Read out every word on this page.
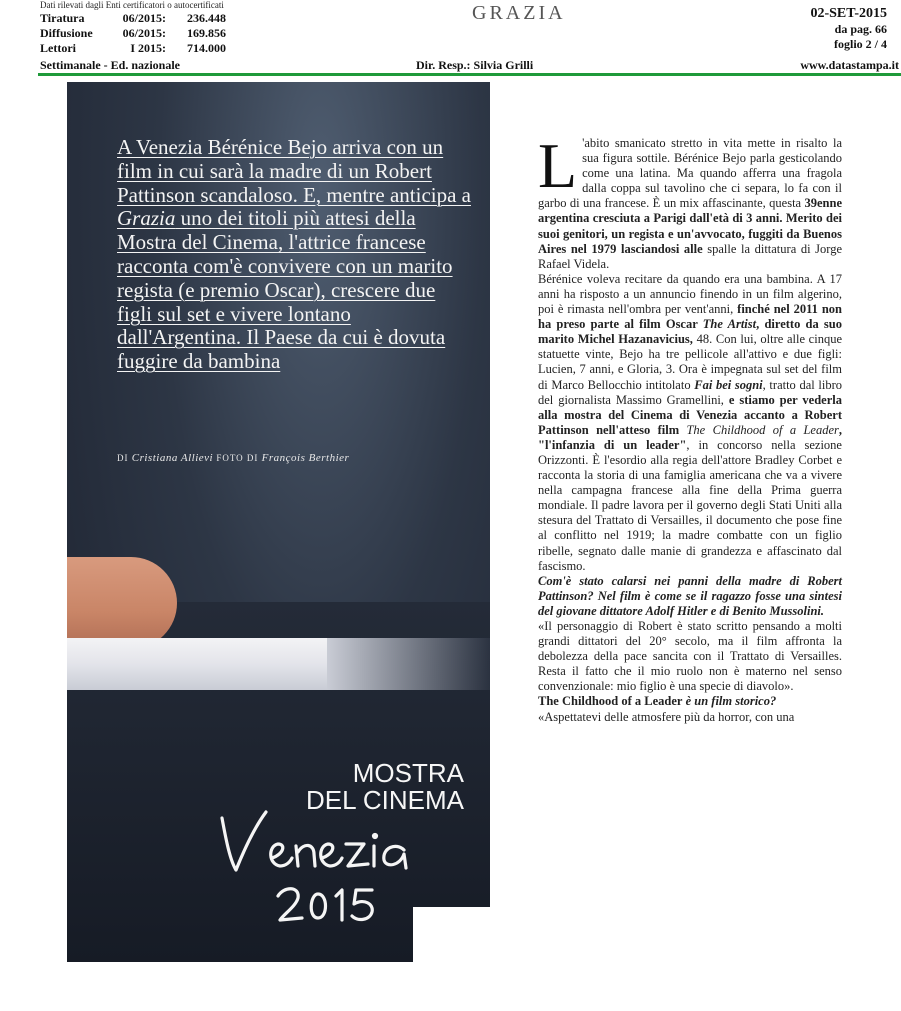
Dati rilevati dagli Enti certificatori o autocertificati
Tiratura	06/2015: 236.448
Diffusione 06/2015: 169.856
Lettori	I 2015: 714.000
Settimanale - Ed. nazionale
GRAZIA
Dir. Resp.: Silvia Grilli
02-SET-2015
da pag. 66
foglio 2 / 4
www.datastampa.it

A Venezia Bérénice Bejo arriva con un film in cui sarà la madre di un Robert Pattinson scandaloso. E, mentre anticipa a Grazia uno dei titoli più attesi della Mostra del Cinema, l'attrice francese racconta com'è convivere con un marito regista (e premio Oscar), crescere due figli sul set e vivere lontano dall'Argentina. Il Paese da cui è dovuta fuggire da bambina

DI Cristiana Allievi FOTO DI François Berthier
MOSTRA
DEL CINEMA

L 'abito smanicato stretto in vita mette in risalto la sua figura sottile. Bérénice Bejo parla gesticolando come una latina. Ma quando afferra una fragola dalla coppa sul tavolino che ci separa, lo fa con il garbo di una francese. È un mix affascinante, questa 39enne argentina cresciuta a Parigi dall'età di 3 anni. Merito dei suoi genitori, un regista e un'avvocato, fuggiti da Buenos Aires nel 1979 lasciandosi alle spalle la dittatura di Jorge Rafael Videla.

Bérénice voleva recitare da quando era una bambina. A 17 anni ha risposto a un annuncio finendo in un film algerino, poi è rimasta nell'ombra per vent'anni, finché nel 2011 non ha preso parte al film Oscar The Artist, diretto da suo marito Michel Hazanavicius, 48. Con lui, oltre alle cinque statuette vinte, Bejo ha tre pellicole all'attivo e due figli: Lucien, 7 anni, e Gloria, 3. Ora è impegnata sul set del film di Marco Bellocchio intitolato Fai bei sogni, tratto dal libro del giornalista Massimo Gramellini, e stiamo per vederla alla mostra del Cinema di Venezia accanto a Robert Pattinson nell'atteso film The Childhood of a Leader, "l'infanzia di un leader", in concorso nella sezione Orizzonti. È l'esordio alla regia dell'attore Bradley Corbet e racconta la storia di una famiglia americana che va a vivere nella campagna francese alla fine della Prima guerra mondiale. Il padre lavora per il governo degli Stati Uniti alla stesura del Trattato di Versailles, il documento che pose fine al conflitto nel 1919; la madre combatte con un figlio ribelle, segnato dalle manie di grandezza e affascinato dal fascismo.

Com'è stato calarsi nei panni della madre di Robert Pattinson? Nel film è come se il ragazzo fosse una sintesi del giovane dittatore Adolf Hitler e di Benito Mussolini.

«Il personaggio di Robert è stato scritto pensando a molti grandi dittatori del 20° secolo, ma il film affronta la debolezza della pace sancita con il Trattato di Versailles. Resta il fatto che il mio ruolo non è materno nel senso convenzionale: mio figlio è una specie di diavolo».

The Childhood of a Leader è un film storico?

«Aspettatevi delle atmosfere più da horror, con una
